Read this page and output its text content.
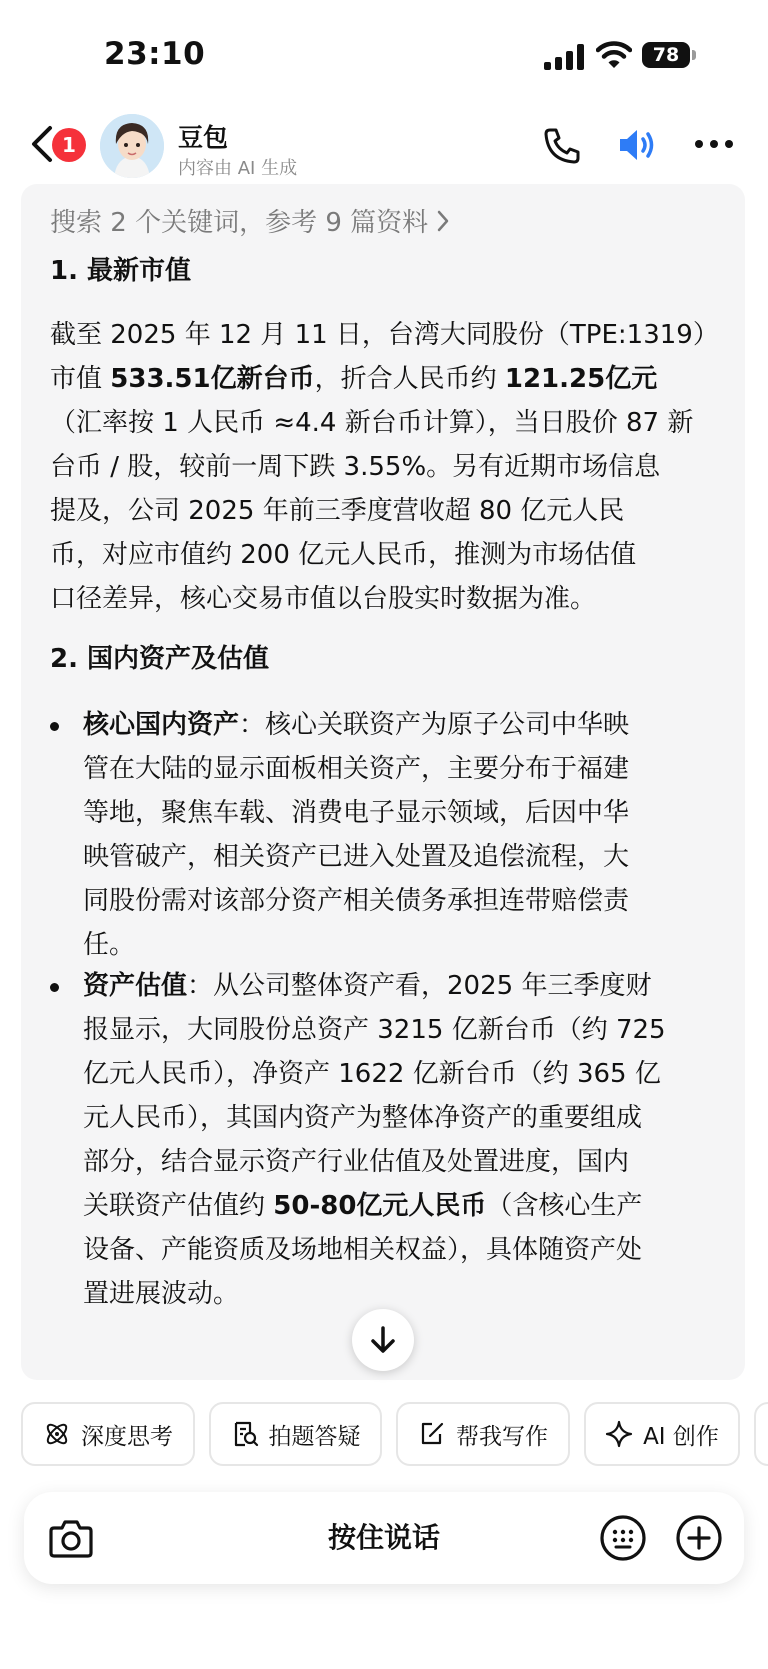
23:10	78
1	豆包
内容由 AI 生成
搜索 2 个关键词，参考 9 篇资料
1. 最新市值
截至 2025 年 12 月 11 日，台湾大同股份（TPE:1319）
市值 533.51亿新台币，折合人民币约 121.25亿元
（汇率按 1 人民币 ≈4.4 新台币计算），当日股价 87 新
台币 / 股，较前一周下跌 3.55%。另有近期市场信息
提及，公司 2025 年前三季度营收超 80 亿元人民
币，对应市值约 200 亿元人民币，推测为市场估值
口径差异，核心交易市值以台股实时数据为准。
2. 国内资产及估值
核心国内资产：核心关联资产为原子公司中华映
管在大陆的显示面板相关资产，主要分布于福建
等地，聚焦车载、消费电子显示领域，后因中华
映管破产，相关资产已进入处置及追偿流程，大
同股份需对该部分资产相关债务承担连带赔偿责
任。
资产估值：从公司整体资产看，2025 年三季度财
报显示，大同股份总资产 3215 亿新台币（约 725
亿元人民币），净资产 1622 亿新台币（约 365 亿
元人民币），其国内资产为整体净资产的重要组成
部分，结合显示资产行业估值及处置进度，国内
关联资产估值约 50-80亿元人民币（含核心生产
设备、产能资质及场地相关权益），具体随资产处
置进展波动。
深度思考	拍题答疑	帮我写作	AI 创作
按住说话
